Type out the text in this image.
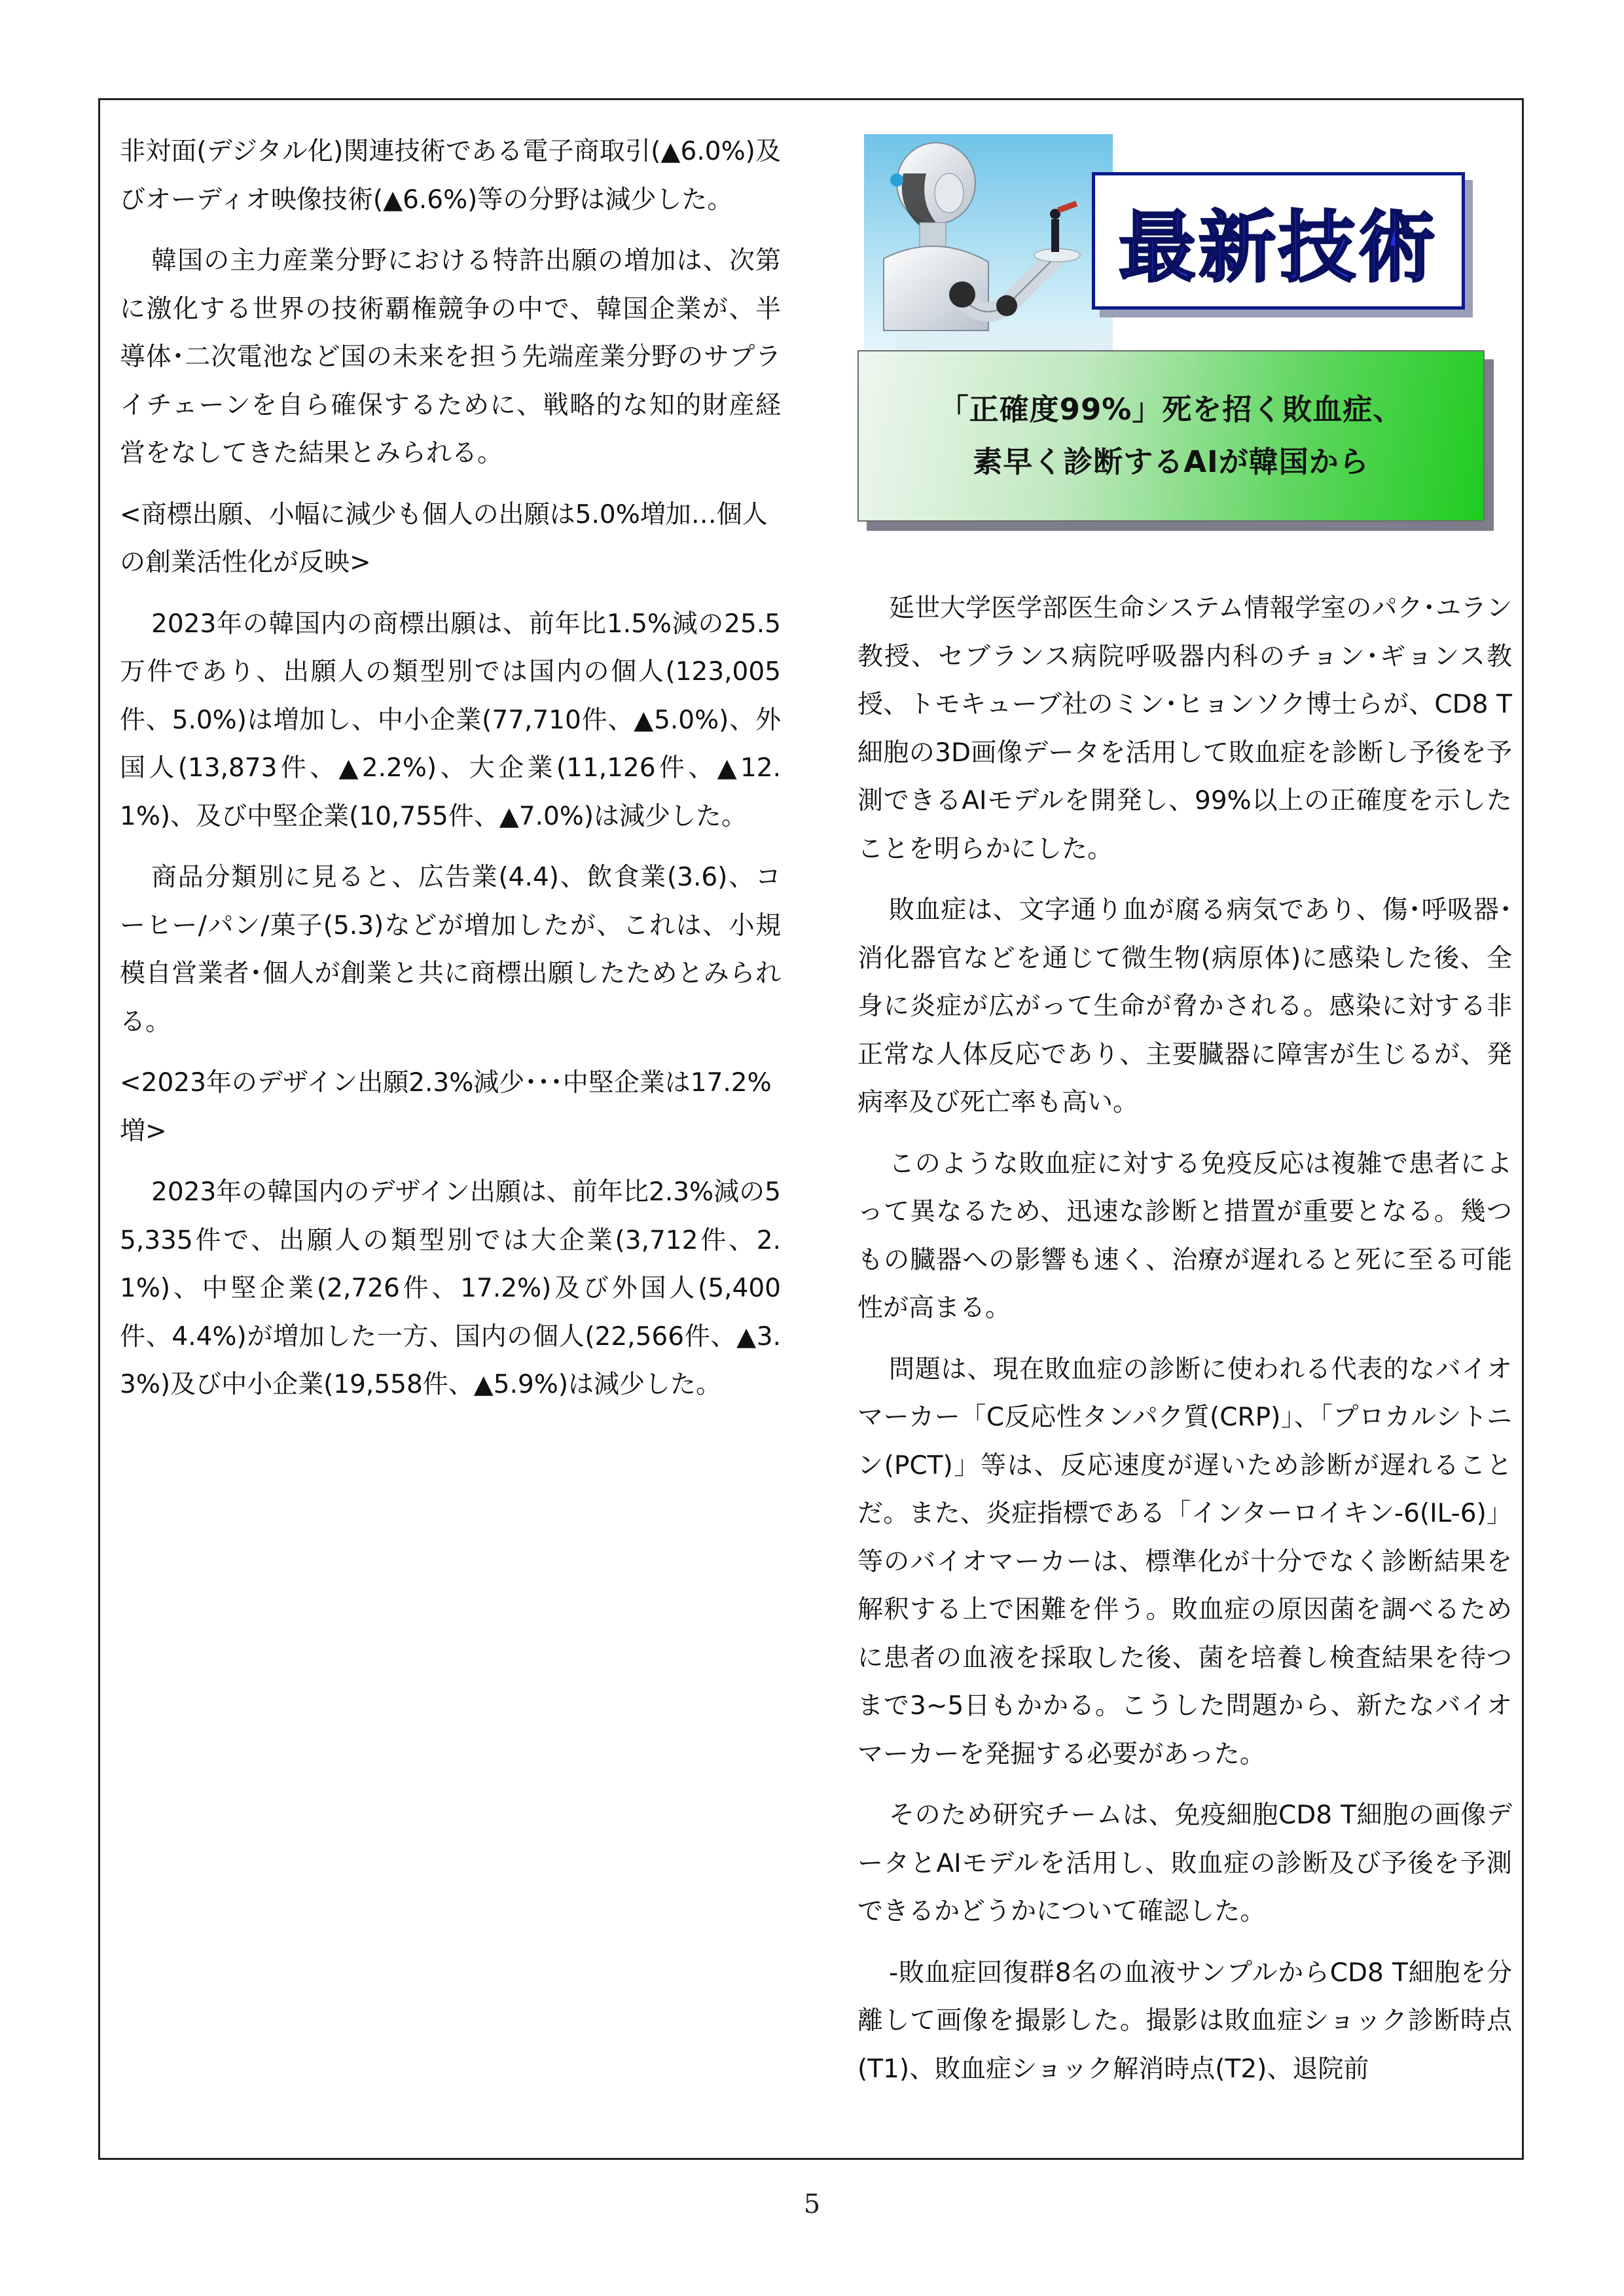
非対面(デジタル化)関連技術である電子商取引(▲6.0%)及びオーディオ映像技術(▲6.6%)等の分野は減少した。

韓国の主力産業分野における特許出願の増加は、次第に激化する世界の技術覇権競争の中で、韓国企業が、半導体･二次電池など国の未来を担う先端産業分野のサプライチェーンを自ら確保するために、戦略的な知的財産経営をなしてきた結果とみられる。

<商標出願、小幅に減少も個人の出願は5.0%増加…個人の創業活性化が反映>

2023年の韓国内の商標出願は、前年比1.5%減の25.5万件であり、出願人の類型別では国内の個人(123,005件、5.0%)は増加し、中小企業(77,710件、▲5.0%)、外国人(13,873件、▲2.2%)、大企業(11,126件、▲12.1%)、及び中堅企業(10,755件、▲7.0%)は減少した。

商品分類別に見ると、広告業(4.4)、飲食業(3.6)、コーヒー/パン/菓子(5.3)などが増加したが、これは、小規模自営業者･個人が創業と共に商標出願したためとみられる。

<2023年のデザイン出願2.3%減少･･･中堅企業は17.2%増>

2023年の韓国内のデザイン出願は、前年比2.3%減の55,335件で、出願人の類型別では大企業(3,712件、2.1%)、中堅企業(2,726件、17.2%)及び外国人(5,400件、4.4%)が増加した一方、国内の個人(22,566件、▲3.3%)及び中小企業(19,558件、▲5.9%)は減少した。

最新技術
「正確度99%」死を招く敗血症、
素早く診断するAIが韓国から

延世大学医学部医生命システム情報学室のパク･ユラン教授、セブランス病院呼吸器内科のチョン･ギョンス教授、トモキューブ社のミン･ヒョンソク博士らが、CD8 T細胞の3D画像データを活用して敗血症を診断し予後を予測できるAIモデルを開発し、99%以上の正確度を示したことを明らかにした。

敗血症は、文字通り血が腐る病気であり、傷･呼吸器･消化器官などを通じて微生物(病原体)に感染した後、全身に炎症が広がって生命が脅かされる。感染に対する非正常な人体反応であり、主要臓器に障害が生じるが、発病率及び死亡率も高い。

このような敗血症に対する免疫反応は複雑で患者によって異なるため、迅速な診断と措置が重要となる。幾つもの臓器への影響も速く、治療が遅れると死に至る可能性が高まる。

問題は、現在敗血症の診断に使われる代表的なバイオマーカー「C反応性タンパク質(CRP)」、「プロカルシトニン(PCT)」等は、反応速度が遅いため診断が遅れることだ。また、炎症指標である「インターロイキン-6(IL-6)」等のバイオマーカーは、標準化が十分でなく診断結果を解釈する上で困難を伴う。敗血症の原因菌を調べるために患者の血液を採取した後、菌を培養し検査結果を待つまで3~5日もかかる。こうした問題から、新たなバイオマーカーを発掘する必要があった。

そのため研究チームは、免疫細胞CD8 T細胞の画像データとAIモデルを活用し、敗血症の診断及び予後を予測できるかどうかについて確認した。

-敗血症回復群8名の血液サンプルからCD8 T細胞を分離して画像を撮影した。撮影は敗血症ショック診断時点(T1)、敗血症ショック解消時点(T2)、退院前

5
